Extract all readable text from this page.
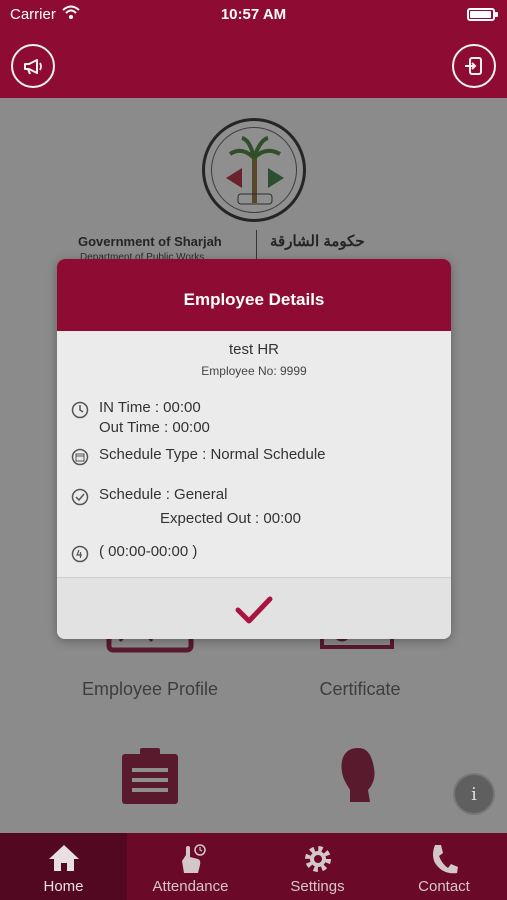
Carrier	10:57 AM
i
Employee Details
test HR
Employee No: 9999
IN Time : 00:00
Out Time : 00:00
Schedule Type : Normal Schedule
Schedule : General
Expected Out : 00:00
( 00:00-00:00 )
Home	Attendance	Settings	Contact
